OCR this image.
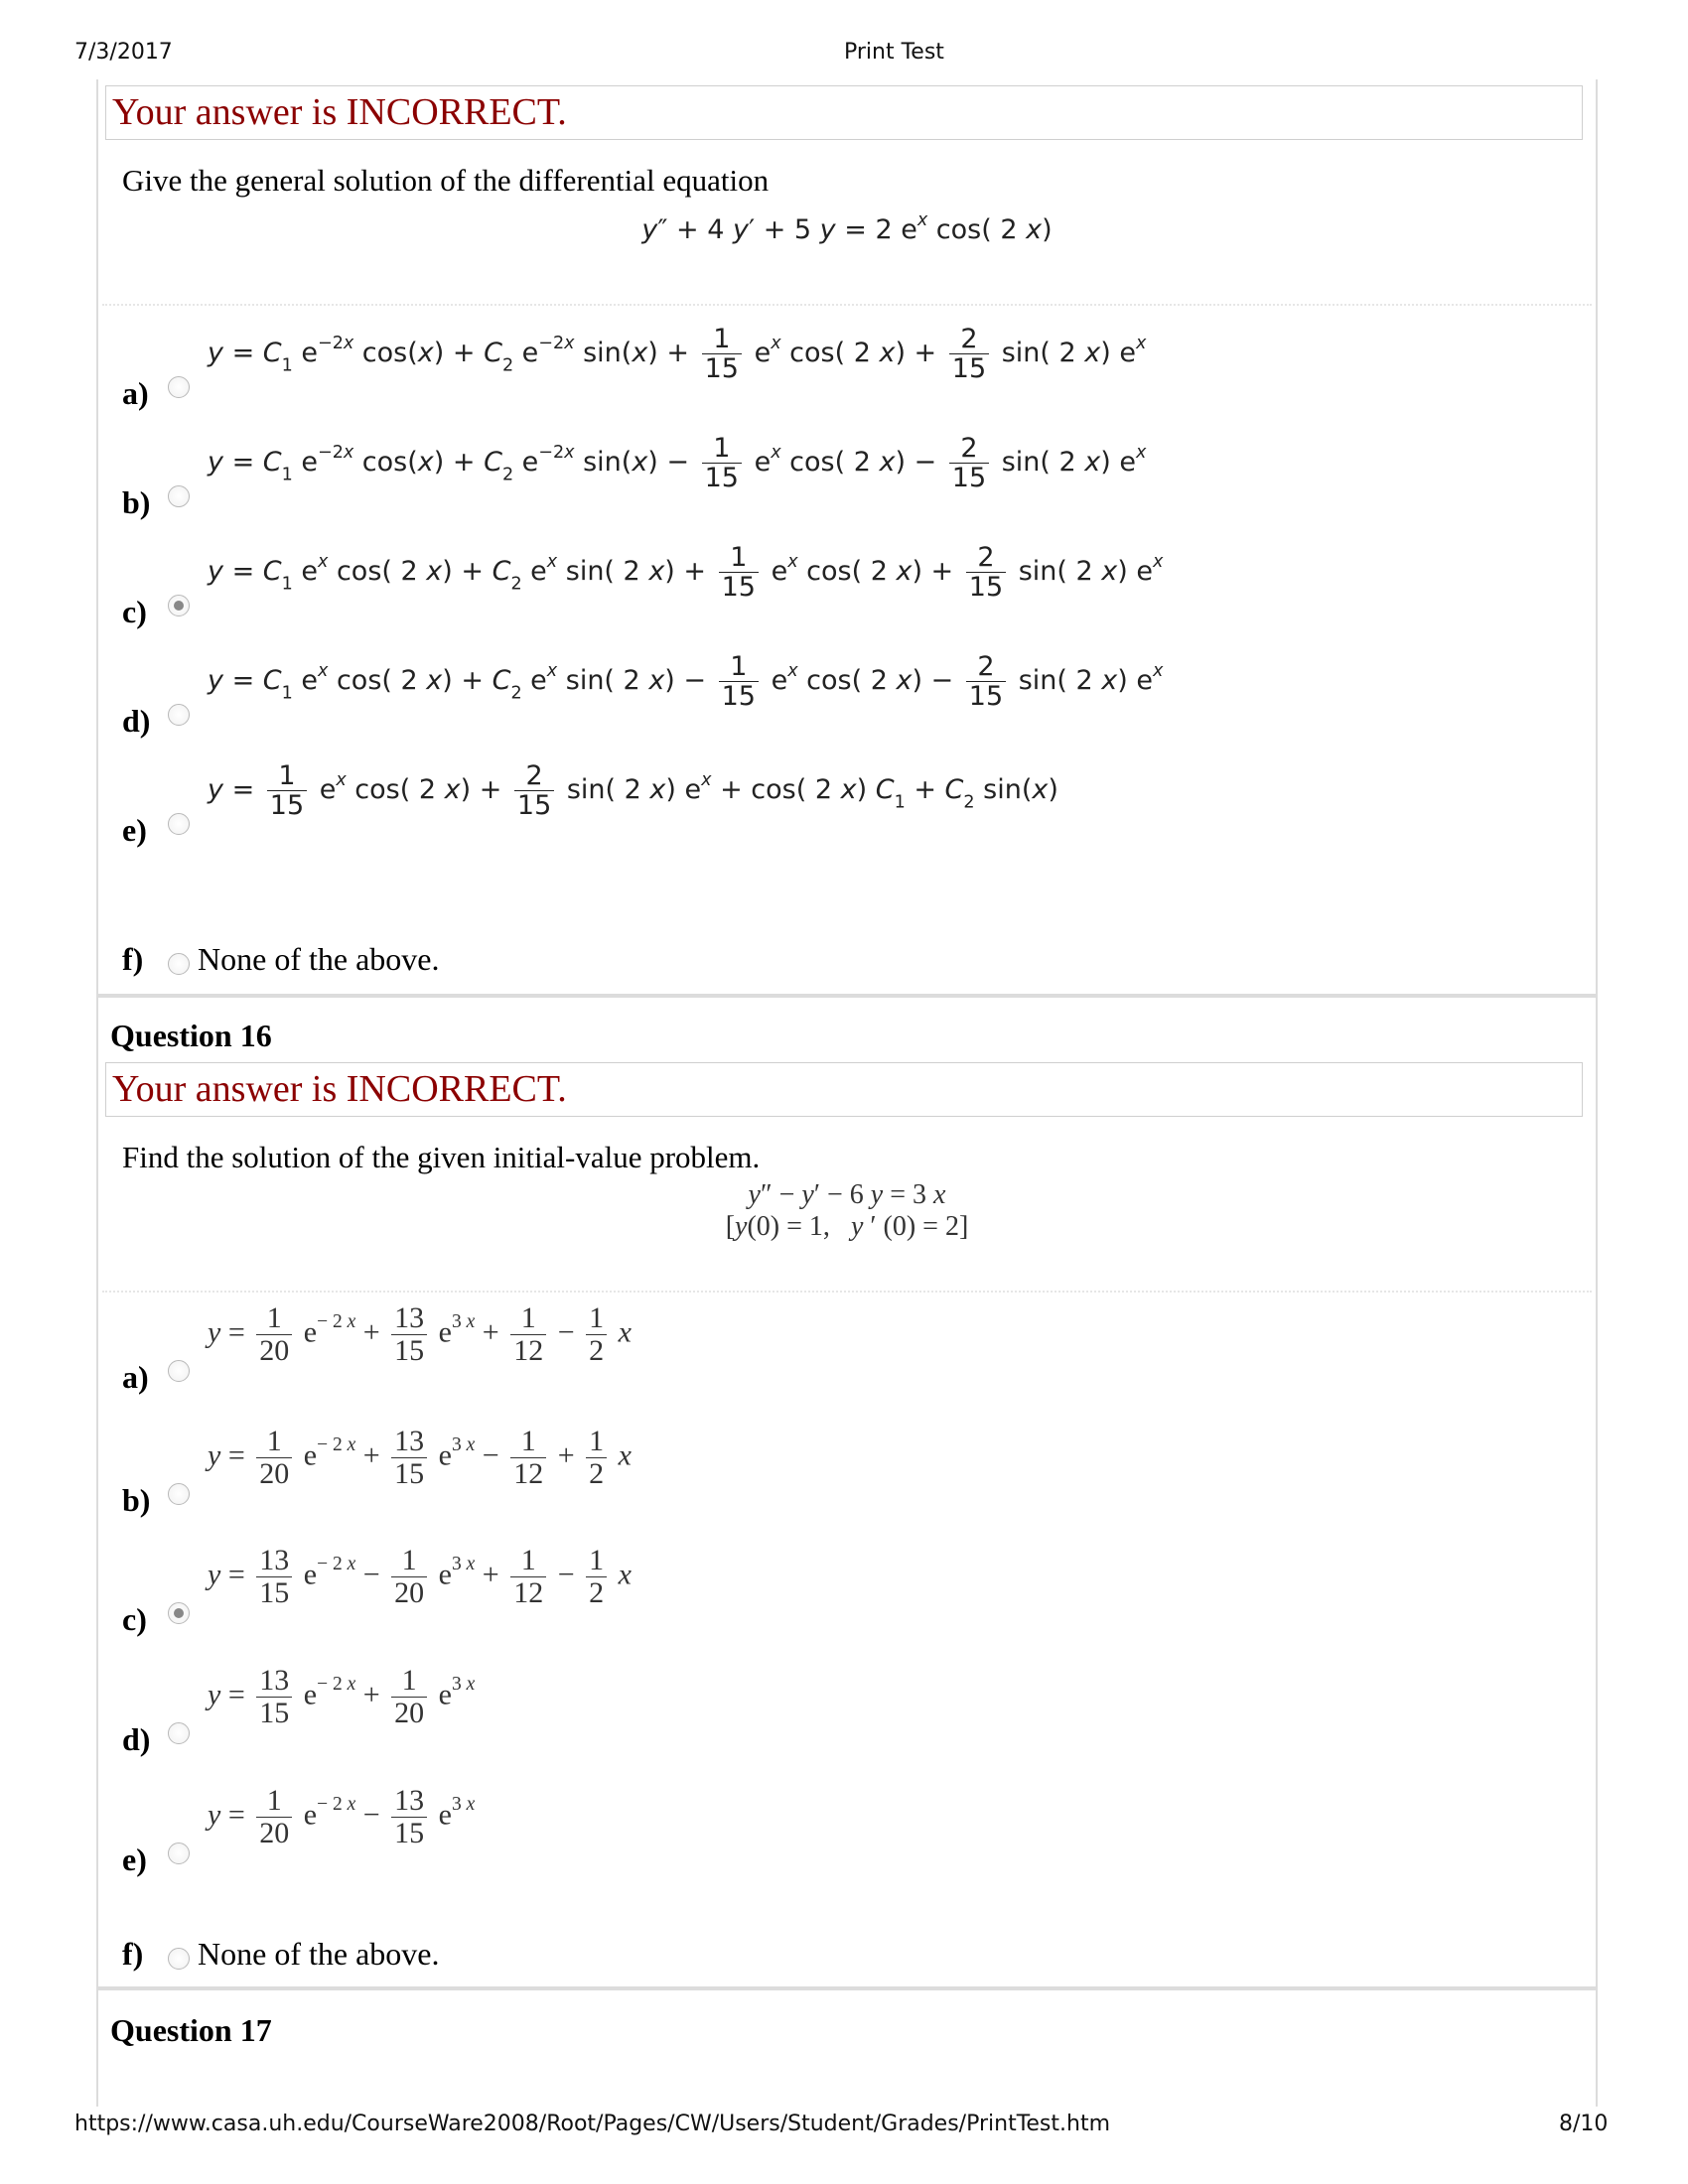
7/3/2017	Print Test
Your answer is INCORRECT.
Give the general solution of the differential equation
y″ + 4 y′ + 5 y = 2 $e^x$ cos( 2 x)
a)
$y = C_1$ $e^{-2x}$ $\cos(x) + C_2$ $e^{-2x}$ $\sin(x) + \frac{1}{15} e^x$ cos( 2 $x) + \frac{2}{15} \sin$( 2 x) $e^x$
b)
$y = C_1$ $e^{-2x}$ $\cos(x) + C_2$ $e^{-2x}$ $\sin(x) - \frac{1}{15} e^x$ cos( 2 $x) - \frac{2}{15} \sin$( 2 x) $e^x$
c)
$y = C_1$ $e^x$ cos( 2 $x) + C_2$ $e^x$ sin( 2 $x) + \frac{1}{15} e^x$ cos( 2 $x) + \frac{2}{15} \sin$( 2 x) $e^x$
d)
$y = C_1$ $e^x$ cos( 2 $x) + C_2$ $e^x$ sin( 2 $x) - \frac{1}{15} e^x$ cos( 2 $x) - \frac{2}{15} \sin$( 2 x) $e^x$
e)
$y = \frac{1}{15} e^x$ cos( 2 $x) + \frac{2}{15} \sin$( 2 x) $e^x + \cos$( 2 x) $C_1 + C_2$ sin(x)
f) None of the above.
Question 16
Your answer is INCORRECT.
Find the solution of the given initial-value problem.
y″ − y′ − 6 y = 3 x
[y(0) = 1,   y ′ (0) = 2]
a)
$y = \frac{1}{20} e^{- 2 x} + \frac{13}{15} e^{3 x} + \frac{1}{12} - \frac{1}{2}$ x
b)
$y = \frac{1}{20} e^{- 2 x} + \frac{13}{15} e^{3 x} - \frac{1}{12} + \frac{1}{2}$ x
c)
$y = \frac{13}{15} e^{- 2 x} - \frac{1}{20} e^{3 x} + \frac{1}{12} - \frac{1}{2}$ x
d)
$y = \frac{13}{15} e^{- 2 x} + \frac{1}{20} e^{3 x}$
e)
$y = \frac{1}{20} e^{- 2 x} - \frac{13}{15} e^{3 x}$
f) None of the above.
Question 17
https://www.casa.uh.edu/CourseWare2008/Root/Pages/CW/Users/Student/Grades/PrintTest.htm	8/10
